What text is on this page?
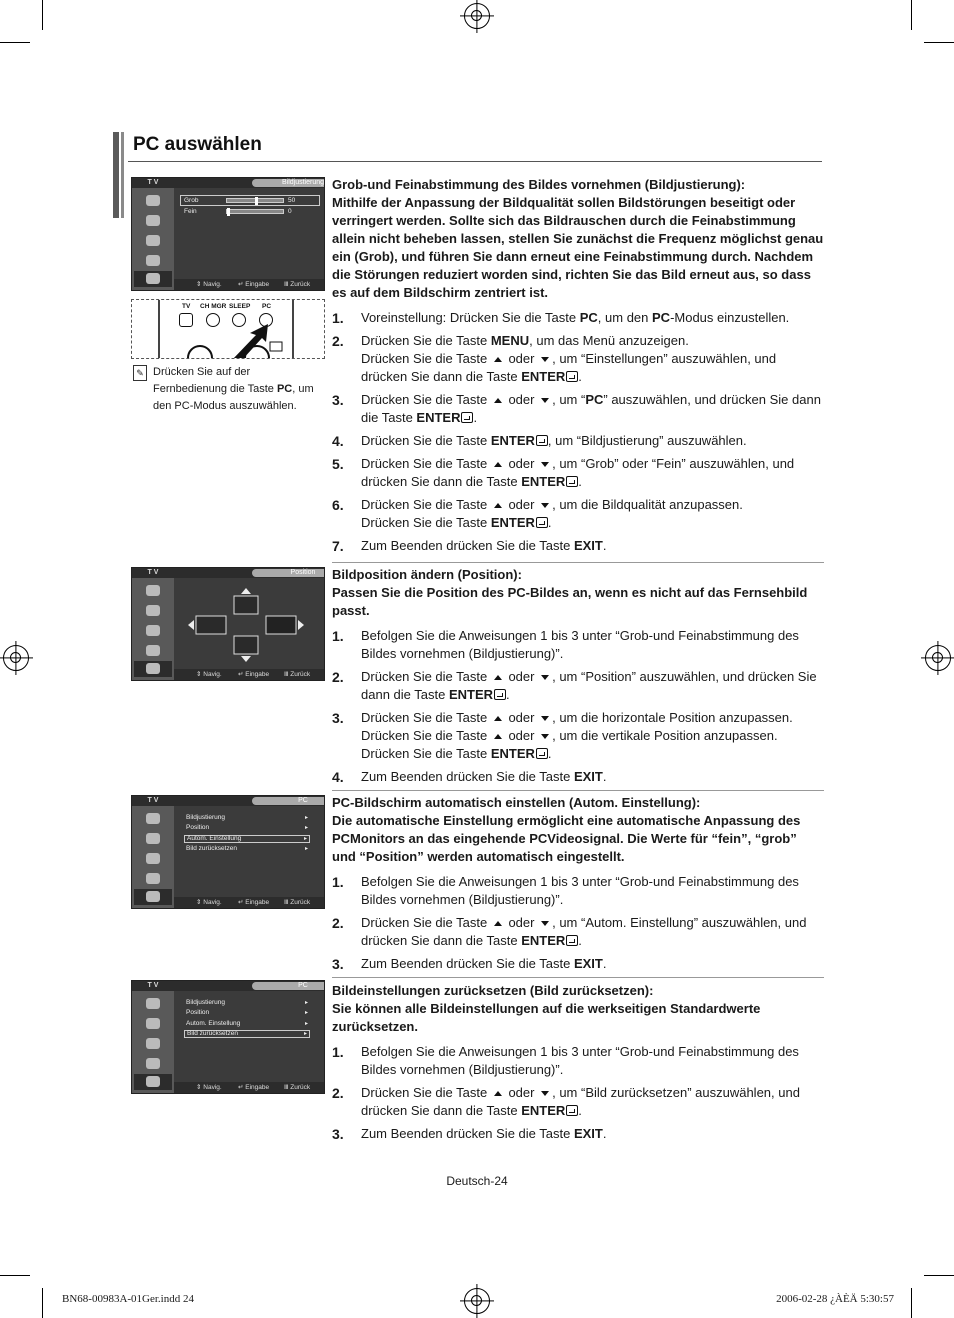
PC auswählen
T V	Bildjustierung
Grob	50
Fein	0
⇕ Navig.	↵ Eingabe Ⅲ Zurück
TV CH MGR SLEEP PC
✎ Drücken Sie auf der
Fernbedienung die Taste PC, um
den PC-Modus auszuwählen.
Grob-und Feinabstimmung des Bildes vornehmen (Bildjustierung):
Mithilfe der Anpassung der Bildqualität sollen Bildstörungen beseitigt oder verringert werden. Sollte sich das Bildrauschen durch die Feinabstimmung allein nicht beheben lassen, stellen Sie zunächst die Frequenz möglichst genau ein (Grob), und führen Sie dann erneut eine Feinabstimmung durch. Nachdem die Störungen reduziert worden sind, richten Sie das Bild erneut aus, so dass es auf dem Bildschirm zentriert ist.
1. Voreinstellung: Drücken Sie die Taste PC, um den PC-Modus einzustellen.
2. Drücken Sie die Taste MENU, um das Menü anzuzeigen.
Drücken Sie die Taste  oder , um “Einstellungen” auszuwählen, und drücken Sie dann die Taste ENTER .
3. Drücken Sie die Taste  oder , um “PC” auszuwählen, und drücken Sie dann die Taste ENTER .
4. Drücken Sie die Taste ENTER , um “Bildjustierung” auszuwählen.
5. Drücken Sie die Taste  oder , um “Grob” oder “Fein” auszuwählen, und drücken Sie dann die Taste ENTER .
6. Drücken Sie die Taste  oder , um die Bildqualität anzupassen.
Drücken Sie die Taste ENTER .
7. Zum Beenden drücken Sie die Taste EXIT.
T V	Position
⇕ Navig.	↵ Eingabe Ⅲ Zurück
Bildposition ändern (Position):
Passen Sie die Position des PC-Bildes an, wenn es nicht auf das Fernsehbild passt.
1. Befolgen Sie die Anweisungen 1 bis 3 unter “Grob-und Feinabstimmung des Bildes vornehmen (Bildjustierung)”.
2. Drücken Sie die Taste  oder , um “Position” auszuwählen, und drücken Sie dann die Taste ENTER .
3. Drücken Sie die Taste  oder , um die horizontale Position anzupassen.
Drücken Sie die Taste  oder , um die vertikale Position anzupassen.
Drücken Sie die Taste ENTER .
4. Zum Beenden drücken Sie die Taste EXIT.
T V	PC
Bildjustierung ▸
Position ▸
Autom. Einstellung ▸
Bild zurücksetzen ▸
⇕ Navig.	↵ Eingabe Ⅲ Zurück
PC-Bildschirm automatisch einstellen (Autom. Einstellung):
Die automatische Einstellung ermöglicht eine automatische Anpassung des PCMonitors an das eingehende PCVideosignal. Die Werte für “fein”, “grob” und “Position” werden automatisch eingestellt.
1. Befolgen Sie die Anweisungen 1 bis 3 unter “Grob-und Feinabstimmung des Bildes vornehmen (Bildjustierung)”.
2. Drücken Sie die Taste  oder , um “Autom. Einstellung” auszuwählen, und drücken Sie dann die Taste ENTER .
3. Zum Beenden drücken Sie die Taste EXIT.
T V	PC
Bildjustierung ▸
Position ▸
Autom. Einstellung ▸
Bild zurücksetzen ▸
⇕ Navig.	↵ Eingabe Ⅲ Zurück
Bildeinstellungen zurücksetzen (Bild zurücksetzen):
Sie können alle Bildeinstellungen auf die werkseitigen Standardwerte zurücksetzen.
1. Befolgen Sie die Anweisungen 1 bis 3 unter “Grob-und Feinabstimmung des Bildes vornehmen (Bildjustierung)”.
2. Drücken Sie die Taste  oder , um “Bild zurücksetzen” auszuwählen, und drücken Sie dann die Taste ENTER .
3. Zum Beenden drücken Sie die Taste EXIT.
Deutsch-24
BN68-00983A-01Ger.indd 24	2006-02-28 ¿ÀÈÄ 5:30:57
